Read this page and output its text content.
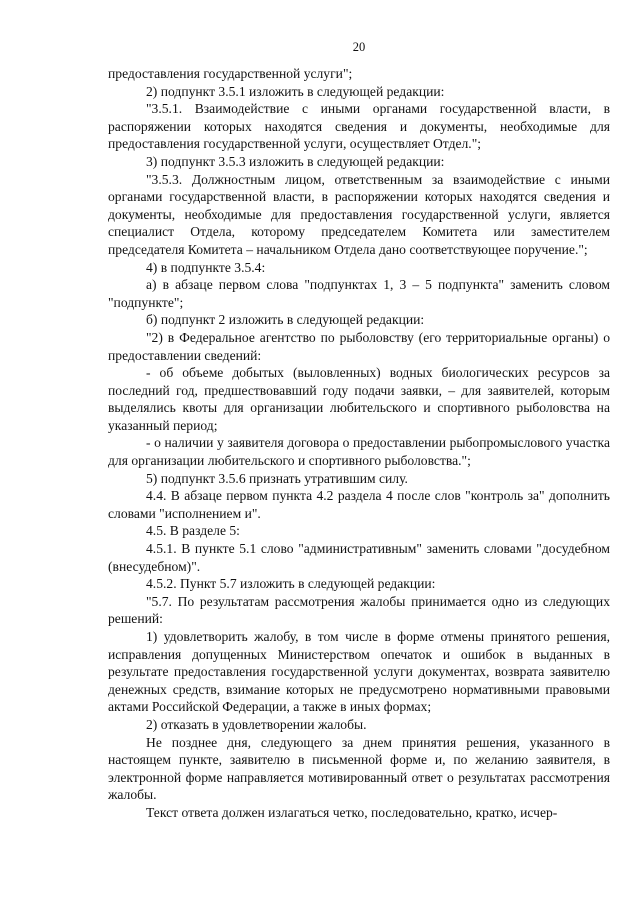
20

предоставления государственной услуги";

2) подпункт 3.5.1 изложить в следующей редакции:

"3.5.1. Взаимодействие с иными органами государственной власти, в распоряжении которых находятся сведения и документы, необходимые для предоставления государственной услуги, осуществляет Отдел.";

3) подпункт 3.5.3 изложить в следующей редакции:

"3.5.3. Должностным лицом, ответственным за взаимодействие с иными органами государственной власти, в распоряжении которых находятся сведения и документы, необходимые для предоставления государственной услуги, является специалист Отдела, которому председателем Комитета или заместителем председателя Комитета – начальником Отдела дано соответствующее поручение.";

4) в подпункте 3.5.4:

а) в абзаце первом слова "подпунктах 1, 3 – 5 подпункта" заменить словом "подпункте";

б) подпункт 2 изложить в следующей редакции:

"2) в Федеральное агентство по рыболовству (его территориальные органы) о предоставлении сведений:

- об объеме добытых (выловленных) водных биологических ресурсов за последний год, предшествовавший году подачи заявки, – для заявителей, которым выделялись квоты для организации любительского и спортивного рыболовства на указанный период;

- о наличии у заявителя договора о предоставлении рыбопромыслового участка для организации любительского и спортивного рыболовства.";

5) подпункт 3.5.6 признать утратившим силу.

4.4. В абзаце первом пункта 4.2 раздела 4 после слов "контроль за" дополнить словами "исполнением и".

4.5. В разделе 5:

4.5.1. В пункте 5.1 слово "административным" заменить словами "досудебном (внесудебном)".

4.5.2. Пункт 5.7 изложить в следующей редакции:

"5.7. По результатам рассмотрения жалобы принимается одно из следующих решений:

1) удовлетворить жалобу, в том числе в форме отмены принятого решения, исправления допущенных Министерством опечаток и ошибок в выданных в результате предоставления государственной услуги документах, возврата заявителю денежных средств, взимание которых не предусмотрено нормативными правовыми актами Российской Федерации, а также в иных формах;

2) отказать в удовлетворении жалобы.

Не позднее дня, следующего за днем принятия решения, указанного в настоящем пункте, заявителю в письменной форме и, по желанию заявителя, в электронной форме направляется мотивированный ответ о результатах рассмотрения жалобы.

Текст ответа должен излагаться четко, последовательно, кратко, исчер-
